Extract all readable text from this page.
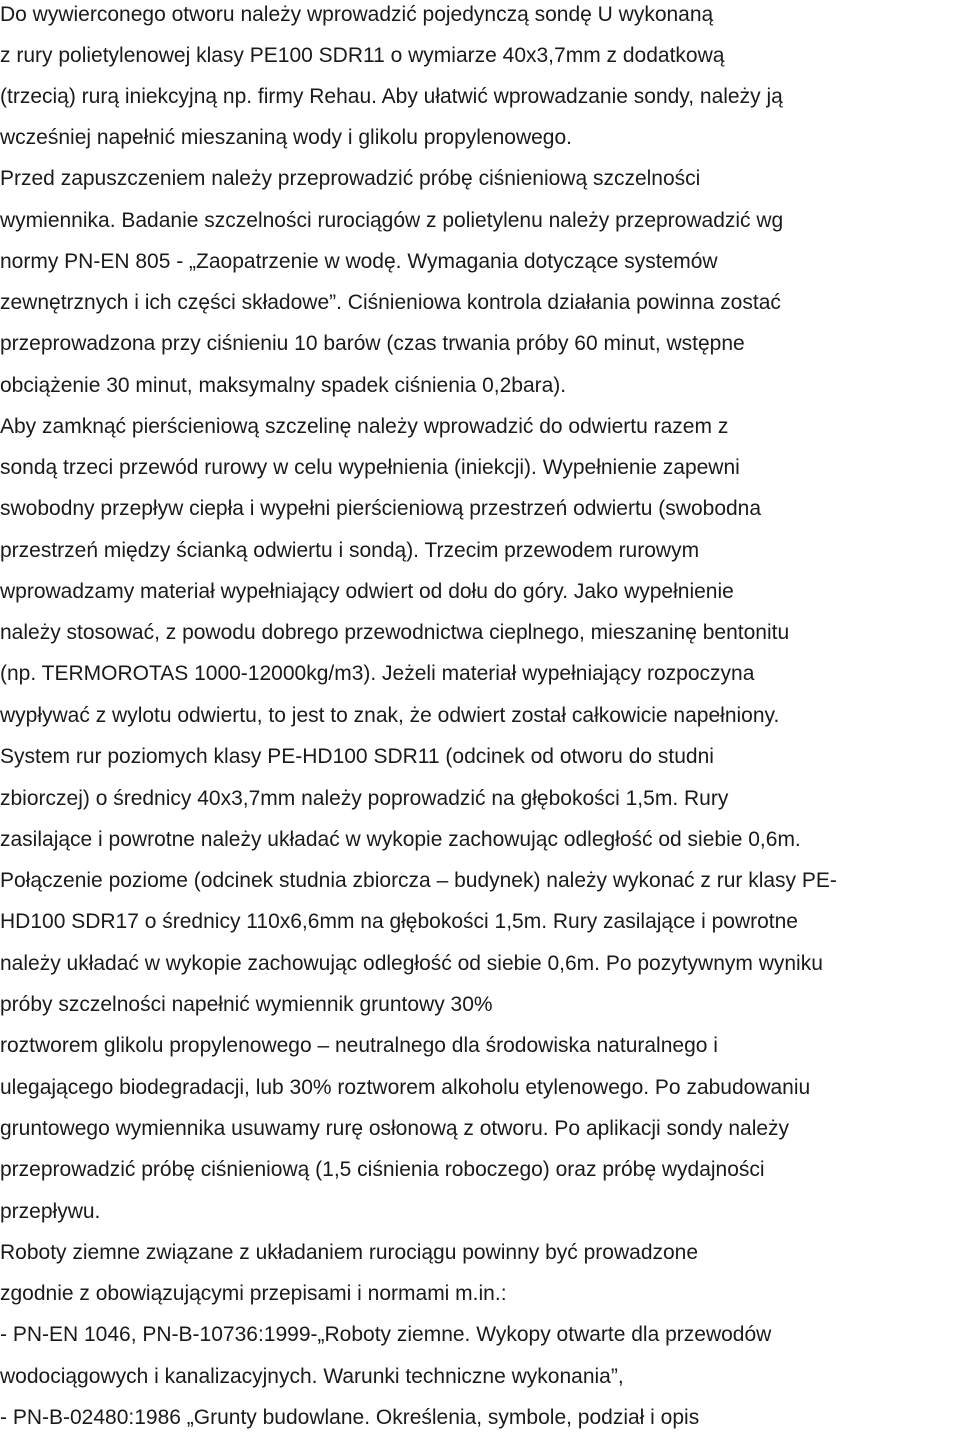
Do wywierconego otworu należy wprowadzić pojedynczą sondę U wykonaną
z rury polietylenowej klasy PE100 SDR11 o wymiarze 40x3,7mm z dodatkową
(trzecią) rurą iniekcyjną np. firmy Rehau. Aby ułatwić wprowadzanie sondy, należy ją
wcześniej napełnić mieszaniną wody i glikolu propylenowego.
Przed zapuszczeniem należy przeprowadzić próbę ciśnieniową szczelności
wymiennika. Badanie szczelności rurociągów z polietylenu należy przeprowadzić wg
normy PN-EN 805 - „Zaopatrzenie w wodę. Wymagania dotyczące systemów
zewnętrznych i ich części składowe”. Ciśnieniowa kontrola działania powinna zostać
przeprowadzona przy ciśnieniu 10 barów (czas trwania próby 60 minut, wstępne
obciążenie 30 minut, maksymalny spadek ciśnienia 0,2bara).
Aby zamknąć pierścieniową szczelinę należy wprowadzić do odwiertu razem z
sondą trzeci przewód rurowy w celu wypełnienia (iniekcji). Wypełnienie zapewni
swobodny przepływ ciepła i wypełni pierścieniową przestrzeń odwiertu (swobodna
przestrzeń między ścianką odwiertu i sondą). Trzecim przewodem rurowym
wprowadzamy materiał wypełniający odwiert od dołu do góry. Jako wypełnienie
należy stosować, z powodu dobrego przewodnictwa cieplnego, mieszaninę bentonitu
(np. TERMOROTAS 1000-12000kg/m3). Jeżeli materiał wypełniający rozpoczyna
wypływać z wylotu odwiertu, to jest to znak, że odwiert został całkowicie napełniony.
System rur poziomych klasy PE-HD100 SDR11 (odcinek od otworu do studni
zbiorczej) o średnicy 40x3,7mm należy poprowadzić na głębokości 1,5m. Rury
zasilające i powrotne należy układać w wykopie zachowując odległość od siebie 0,6m.
Połączenie poziome (odcinek studnia zbiorcza – budynek) należy wykonać z rur klasy PE-
HD100 SDR17 o średnicy 110x6,6mm na głębokości 1,5m. Rury zasilające i powrotne
należy układać w wykopie zachowując odległość od siebie 0,6m. Po pozytywnym wyniku
próby szczelności napełnić wymiennik gruntowy 30%
roztworem glikolu propylenowego – neutralnego dla środowiska naturalnego i
ulegającego biodegradacji, lub 30% roztworem alkoholu etylenowego. Po zabudowaniu
gruntowego wymiennika usuwamy rurę osłonową z otworu. Po aplikacji sondy należy
przeprowadzić próbę ciśnieniową (1,5 ciśnienia roboczego) oraz próbę wydajności
przepływu.
Roboty ziemne związane z układaniem rurociągu powinny być prowadzone
zgodnie z obowiązującymi przepisami i normami m.in.:
- PN-EN 1046, PN-B-10736:1999-„Roboty ziemne. Wykopy otwarte dla przewodów
wodociągowych i kanalizacyjnych. Warunki techniczne wykonania”,
- PN-B-02480:1986 „Grunty budowlane. Określenia, symbole, podział i opis
